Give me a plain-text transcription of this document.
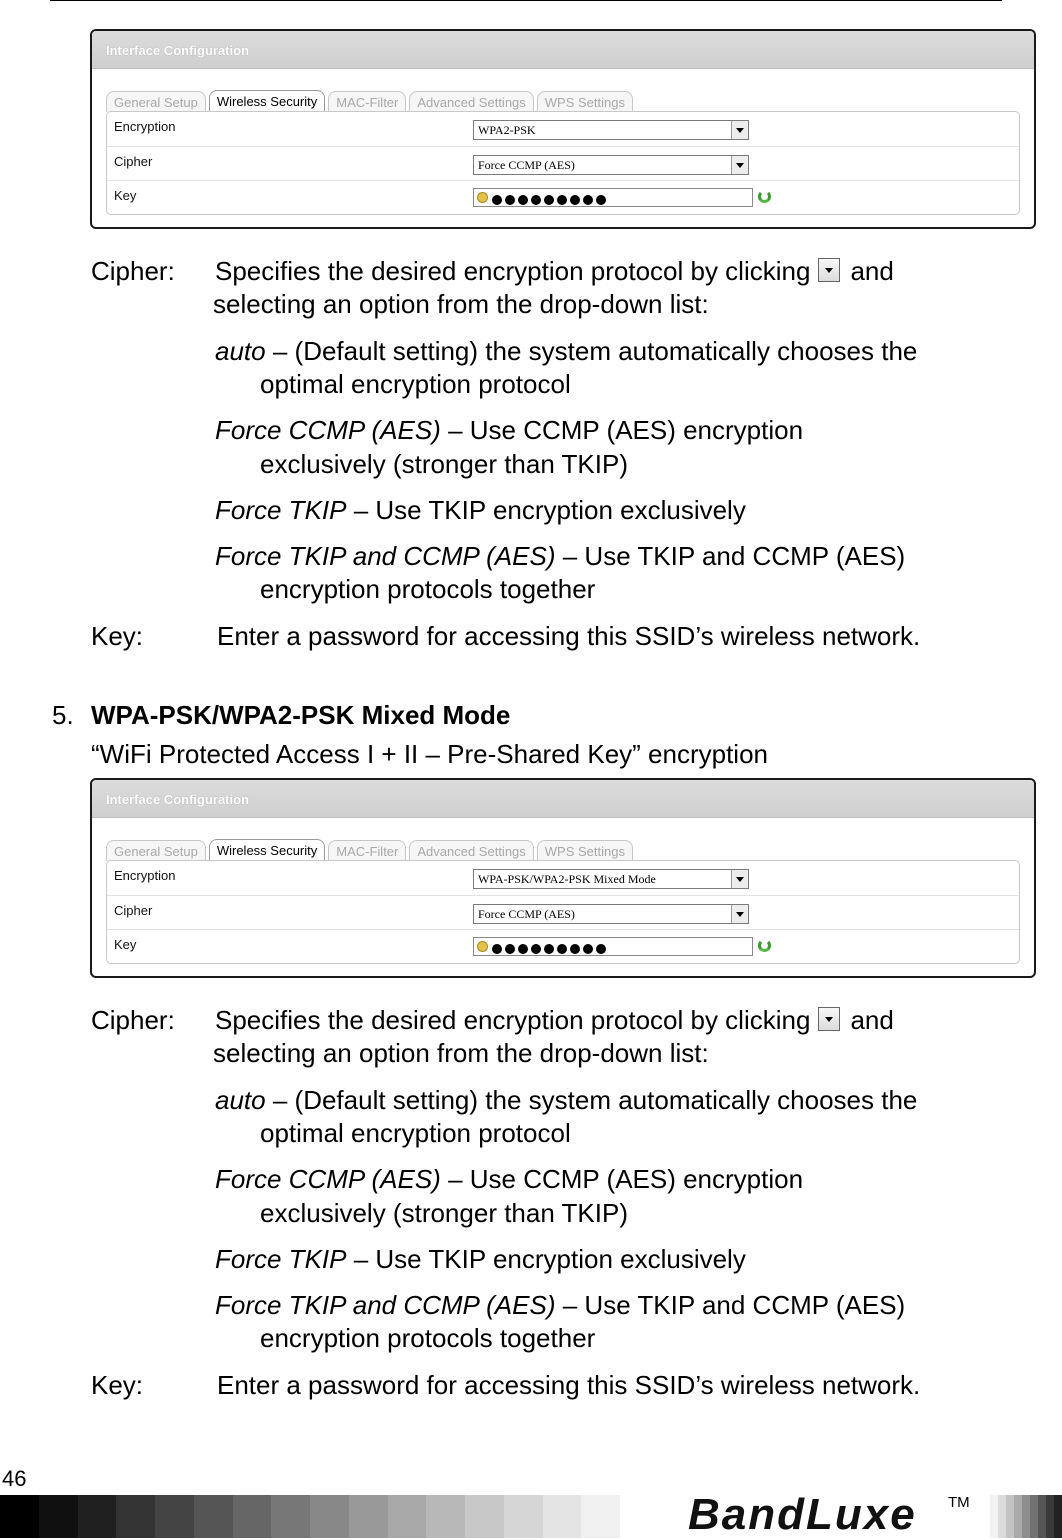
Interface Configuration
General Setup Wireless Security MAC-Filter Advanced Settings WPS Settings
Encryption	WPA2-PSK
Cipher	Force CCMP (AES)
Key
Cipher: Specifies the desired encryption protocol by clicking and
selecting an option from the drop-down list:
auto – (Default setting) the system automatically chooses the
optimal encryption protocol
Force CCMP (AES) – Use CCMP (AES) encryption
exclusively (stronger than TKIP)
Force TKIP – Use TKIP encryption exclusively
Force TKIP and CCMP (AES) – Use TKIP and CCMP (AES)
encryption protocols together
Key:	Enter a password for accessing this SSID’s wireless network.
5. WPA-PSK/WPA2-PSK Mixed Mode
“WiFi Protected Access I + II – Pre-Shared Key” encryption
Interface Configuration
General Setup Wireless Security MAC-Filter Advanced Settings WPS Settings
Encryption	WPA-PSK/WPA2-PSK Mixed Mode
Cipher	Force CCMP (AES)
Key
Cipher: Specifies the desired encryption protocol by clicking and
selecting an option from the drop-down list:
auto – (Default setting) the system automatically chooses the
optimal encryption protocol
Force CCMP (AES) – Use CCMP (AES) encryption
exclusively (stronger than TKIP)
Force TKIP – Use TKIP encryption exclusively
Force TKIP and CCMP (AES) – Use TKIP and CCMP (AES)
encryption protocols together
Key:	Enter a password for accessing this SSID’s wireless network.
46
BandLuxe TM
